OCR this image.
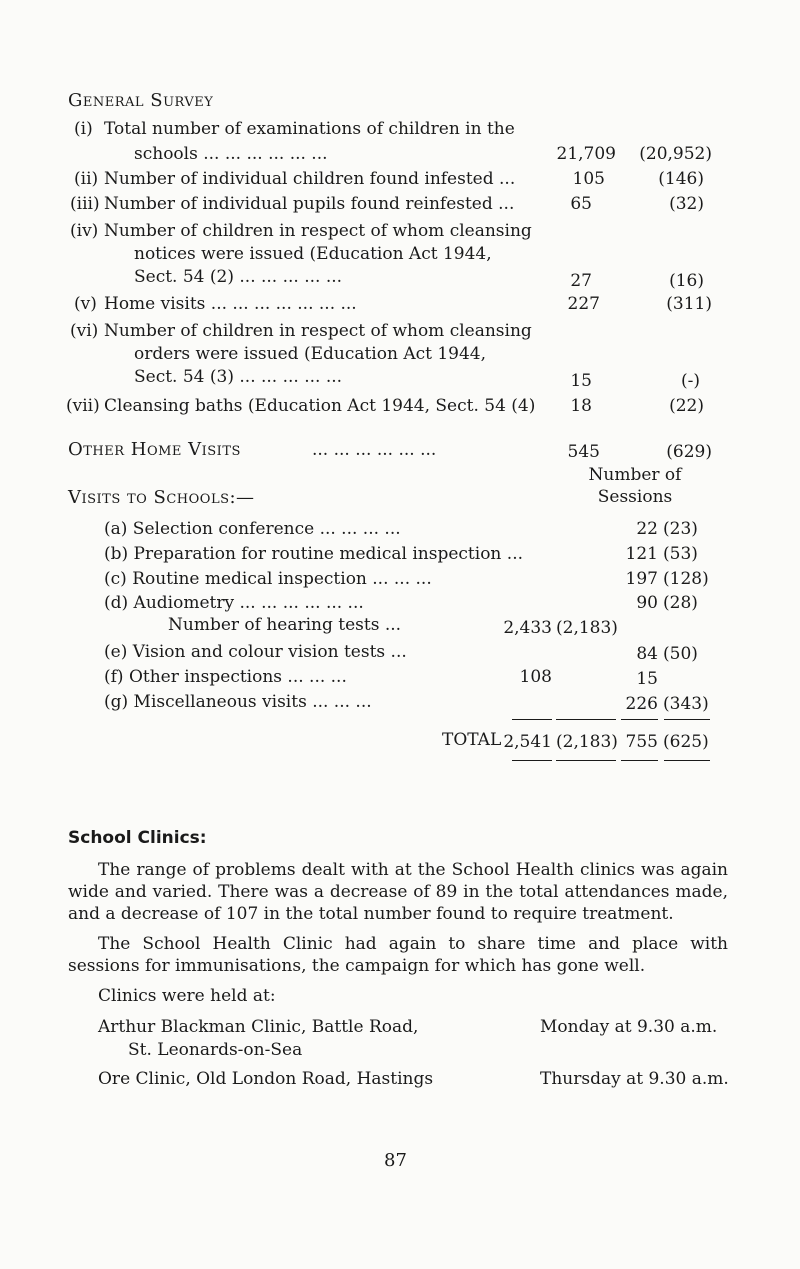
General Survey
(i) Total number of examinations of children in the
schools ... ... ... ... ... ...	21,709	(20,952)
(ii) Number of individual children found infested ...	105	(146)
(iii) Number of individual pupils found reinfested ...	65	(32)
(iv) Number of children in respect of whom cleansing
notices were issued (Education Act 1944,
Sect. 54 (2) ... ... ... ... ...	27	(16)
(v) Home visits ... ... ... ... ... ... ...	227	(311)
(vi) Number of children in respect of whom cleansing
orders were issued (Education Act 1944,
Sect. 54 (3) ... ... ... ... ...	15	(-)
(vii) Cleansing baths (Education Act 1944, Sect. 54 (4)	18	(22)
Other Home Visits	... ... ... ... ... ...	545	(629)
Number of
Visits to Schools:—	Sessions
(a) Selection conference ... ... ... ...	22 (23)
(b) Preparation for routine medical inspection ...	121 (53)
(c) Routine medical inspection ... ... ...	197 (128)
(d) Audiometry ... ... ... ... ... ...	90 (28)
Number of hearing tests ...	2,433 (2,183)
(e) Vision and colour vision tests ...	84 (50)
(f) Other inspections ... ... ...	108	15
(g) Miscellaneous visits ... ... ...	226 (343)
TOTAL 2,541 (2,183) 755 (625)
School Clinics:
The range of problems dealt with at the School Health clinics was again wide and varied. There was a decrease of 89 in the total attendances made, and a decrease of 107 in the total number found to require treatment.
The School Health Clinic had again to share time and place with sessions for immunisations, the campaign for which has gone well.
Clinics were held at:
Arthur Blackman Clinic, Battle Road,
St. Leonards-on-Sea
Monday at 9.30 a.m.
Ore Clinic, Old London Road, Hastings	Thursday at 9.30 a.m.
87
